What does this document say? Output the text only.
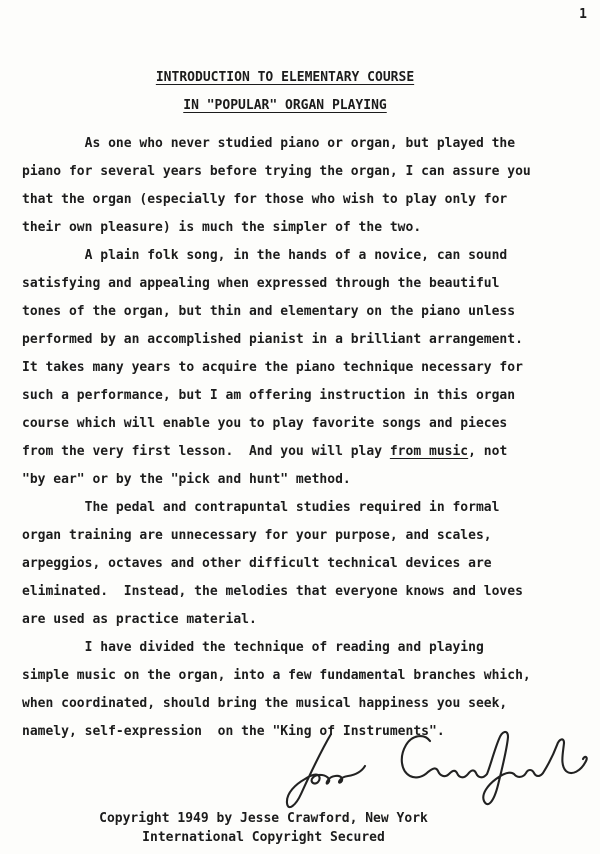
1
INTRODUCTION TO ELEMENTARY COURSE
IN "POPULAR" ORGAN PLAYING
As one who never studied piano or organ, but played the
piano for several years before trying the organ, I can assure you
that the organ (especially for those who wish to play only for
their own pleasure) is much the simpler of the two.
A plain folk song, in the hands of a novice, can sound
satisfying and appealing when expressed through the beautiful
tones of the organ, but thin and elementary on the piano unless
performed by an accomplished pianist in a brilliant arrangement.
It takes many years to acquire the piano technique necessary for
such a performance, but I am offering instruction in this organ
course which will enable you to play favorite songs and pieces
from the very first lesson.  And you will play from music, not
"by ear" or by the "pick and hunt" method.
The pedal and contrapuntal studies required in formal
organ training are unnecessary for your purpose, and scales,
arpeggios, octaves and other difficult technical devices are
eliminated.  Instead, the melodies that everyone knows and loves
are used as practice material.
I have divided the technique of reading and playing
simple music on the organ, into a few fundamental branches which,
when coordinated, should bring the musical happiness you seek,
namely, self-expression  on the "King of Instruments".
Copyright 1949 by Jesse Crawford, New York
International Copyright Secured
